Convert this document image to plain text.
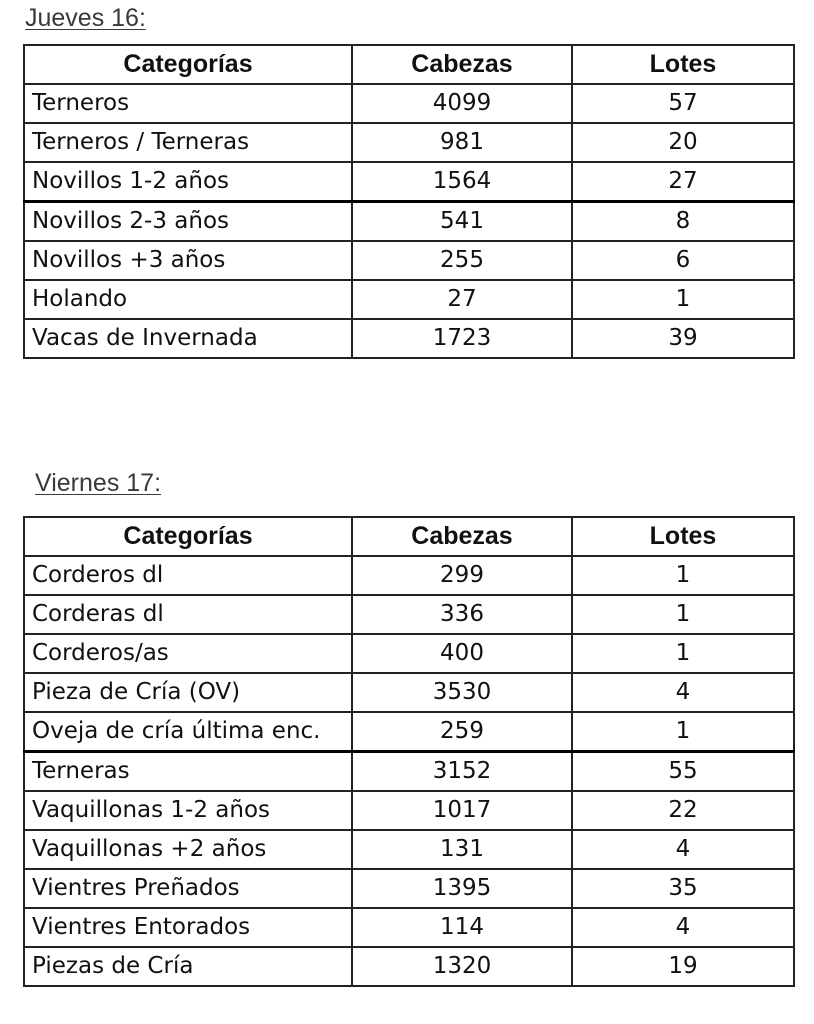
Jueves 16:
Categorías	Cabezas	Lotes
Terneros	4099	57
Terneros / Terneras	981	20
Novillos 1-2 años	1564	27
Novillos 2-3 años	541	8
Novillos +3 años	255	6
Holando	27	1
Vacas de Invernada	1723	39
Viernes 17:
Categorías	Cabezas	Lotes
Corderos dl	299	1
Corderas dl	336	1
Corderos/as	400	1
Pieza de Cría (OV)	3530	4
Oveja de cría última enc.	259	1
Terneras	3152	55
Vaquillonas 1-2 años	1017	22
Vaquillonas +2 años	131	4
Vientres Preñados	1395	35
Vientres Entorados	114	4
Piezas de Cría	1320	19
